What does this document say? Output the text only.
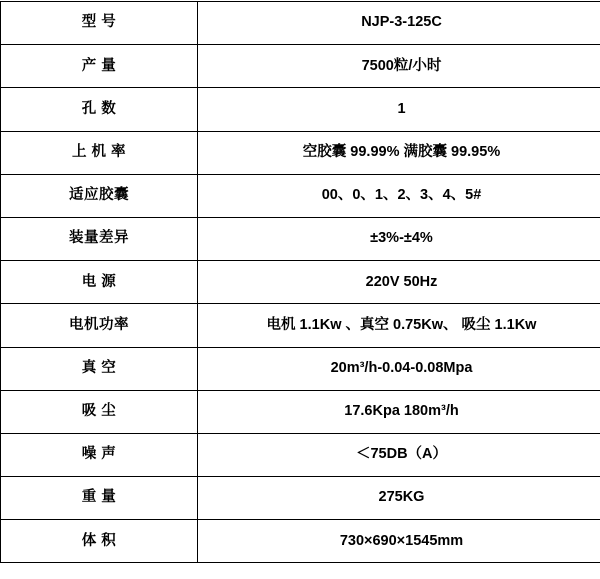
型 号	NJP-3-125C
产 量	7500粒/小时
孔 数	1
上 机 率	空胶囊 99.99% 满胶囊 99.95%
适应胶囊	00、0、1、2、3、4、5#
装量差异	±3%-±4%
电 源	220V 50Hz
电机功率	电机 1.1Kw 、真空 0.75Kw、 吸尘 1.1Kw
真 空	20m³/h-0.04-0.08Mpa
吸 尘	17.6Kpa 180m³/h
噪 声	＜75DB（A）
重 量	275KG
体 积	730×690×1545mm
